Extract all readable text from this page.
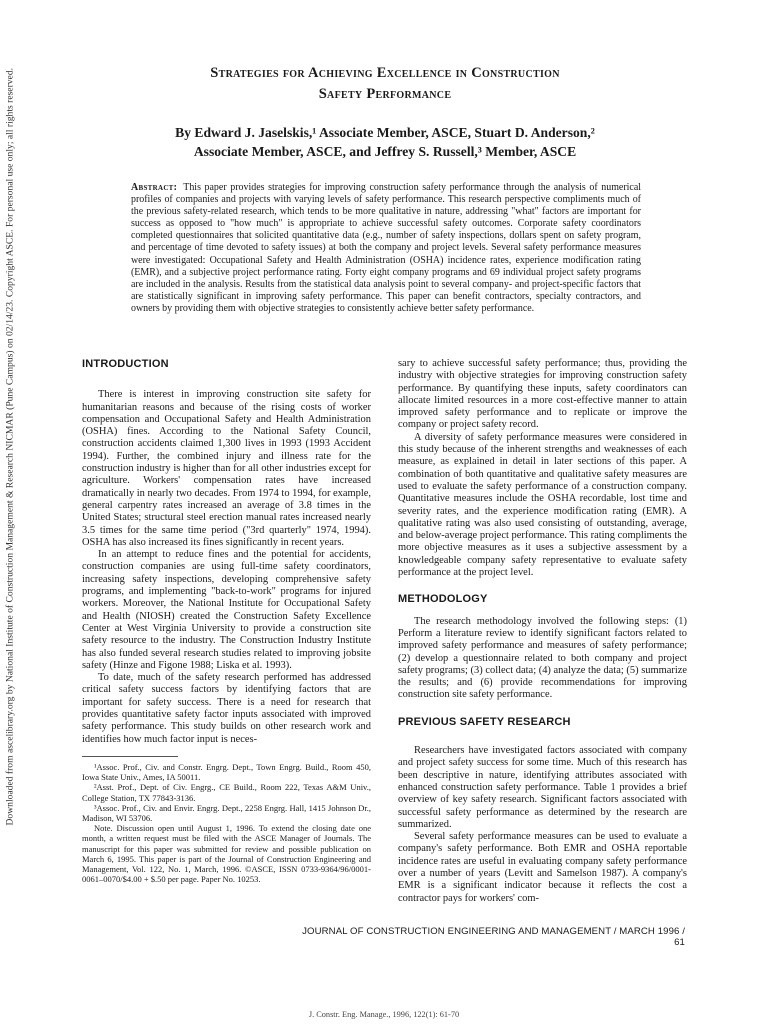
Downloaded from ascelibrary.org by National Institute of Construction Management & Research NICMAR (Pune Campus) on 02/14/23. Copyright ASCE. For personal use only; all rights reserved.	Strategies for Achieving Excellence in Construction
Safety Performance
By Edward J. Jaselskis,¹ Associate Member, ASCE, Stuart D. Anderson,²
Associate Member, ASCE, and Jeffrey S. Russell,³ Member, ASCE
Abstract: This paper provides strategies for improving construction safety performance through the analysis of numerical profiles of companies and projects with varying levels of safety performance. This research perspective compliments much of the previous safety-related research, which tends to be more qualitative in nature, addressing "what" factors are important for success as opposed to "how much" is appropriate to achieve successful safety outcomes. Corporate safety coordinators completed questionnaires that solicited quantitative data (e.g., number of safety inspections, dollars spent on safety program, and percentage of time devoted to safety issues) at both the company and project levels. Several safety performance measures were investigated: Occupational Safety and Health Administration (OSHA) incidence rates, experience modification rating (EMR), and a subjective project performance rating. Forty eight company programs and 69 individual project safety programs are included in the analysis. Results from the statistical data analysis point to several company- and project-specific factors that are statistically significant in improving safety performance. This paper can benefit contractors, specialty contractors, and owners by providing them with objective strategies to consistently achieve better safety performance.
INTRODUCTION

There is interest in improving construction site safety for humanitarian reasons and because of the rising costs of worker compensation and Occupational Safety and Health Administration (OSHA) fines. According to the National Safety Council, construction accidents claimed 1,300 lives in 1993 (1993 Accident 1994). Further, the combined injury and illness rate for the construction industry is higher than for all other industries except for agriculture. Workers' compensation rates have increased dramatically in nearly two decades. From 1974 to 1994, for example, general carpentry rates increased an average of 3.8 times in the United States; structural steel erection manual rates increased nearly 3.5 times for the same time period ("3rd quarterly" 1974, 1994). OSHA has also increased its fines significantly in recent years.

In an attempt to reduce fines and the potential for accidents, construction companies are using full-time safety coordinators, increasing safety inspections, developing comprehensive safety programs, and implementing "back-to-work" programs for injured workers. Moreover, the National Institute for Occupational Safety and Health (NIOSH) created the Construction Safety Excellence Center at West Virginia University to provide a construction site safety resource to the industry. The Construction Industry Institute has also funded several research studies related to improving jobsite safety (Hinze and Figone 1988; Liska et al. 1993).

To date, much of the safety research performed has addressed critical safety success factors by identifying factors that are important for safety success. There is a need for research that provides quantitative safety factor inputs associated with improved safety performance. This study builds on other research work and identifies how much factor input is neces-

¹Assoc. Prof., Civ. and Constr. Engrg. Dept., Town Engrg. Build., Room 450, Iowa State Univ., Ames, IA 50011.

²Asst. Prof., Dept. of Civ. Engrg., CE Build., Room 222, Texas A&M Univ., College Station, TX 77843-3136.

³Assoc. Prof., Civ. and Envir. Engrg. Dept., 2258 Engrg. Hall, 1415 Johnson Dr., Madison, WI 53706.

Note. Discussion open until August 1, 1996. To extend the closing date one month, a written request must be filed with the ASCE Manager of Journals. The manuscript for this paper was submitted for review and possible publication on March 6, 1995. This paper is part of the Journal of Construction Engineering and Management, Vol. 122, No. 1, March, 1996. ©ASCE, ISSN 0733-9364/96/0001-0061–0070/$4.00 + $.50 per page. Paper No. 10253.

sary to achieve successful safety performance; thus, providing the industry with objective strategies for improving construction safety performance. By quantifying these inputs, safety coordinators can allocate limited resources in a more cost-effective manner to attain improved safety performance and to replicate or improve the company or project safety record.

A diversity of safety performance measures were considered in this study because of the inherent strengths and weaknesses of each measure, as explained in detail in later sections of this paper. A combination of both quantitative and qualitative safety measures are used to evaluate the safety performance of a construction company. Quantitative measures include the OSHA recordable, lost time and severity rates, and the experience modification rating (EMR). A qualitative rating was also used consisting of outstanding, average, and below-average project performance. This rating compliments the more objective measures as it uses a subjective assessment by a knowledgeable company safety representative to evaluate safety performance at the project level.

METHODOLOGY

The research methodology involved the following steps: (1) Perform a literature review to identify significant factors related to improved safety performance and measures of safety performance; (2) develop a questionnaire related to both company and project safety programs; (3) collect data; (4) analyze the data; (5) summarize the results; and (6) provide recommendations for improving construction site safety performance.

PREVIOUS SAFETY RESEARCH

Researchers have investigated factors associated with company and project safety success for some time. Much of this research has been descriptive in nature, identifying attributes associated with enhanced construction safety performance. Table 1 provides a brief overview of key safety research. Significant factors associated with successful safety performance as determined by the research are summarized.

Several safety performance measures can be used to evaluate a company's safety performance. Both EMR and OSHA reportable incidence rates are useful in evaluating company safety performance over a number of years (Levitt and Samelson 1987). A company's EMR is a significant indicator because it reflects the cost a contractor pays for workers' com-

JOURNAL OF CONSTRUCTION ENGINEERING AND MANAGEMENT / MARCH 1996 / 61
J. Constr. Eng. Manage., 1996, 122(1): 61-70
